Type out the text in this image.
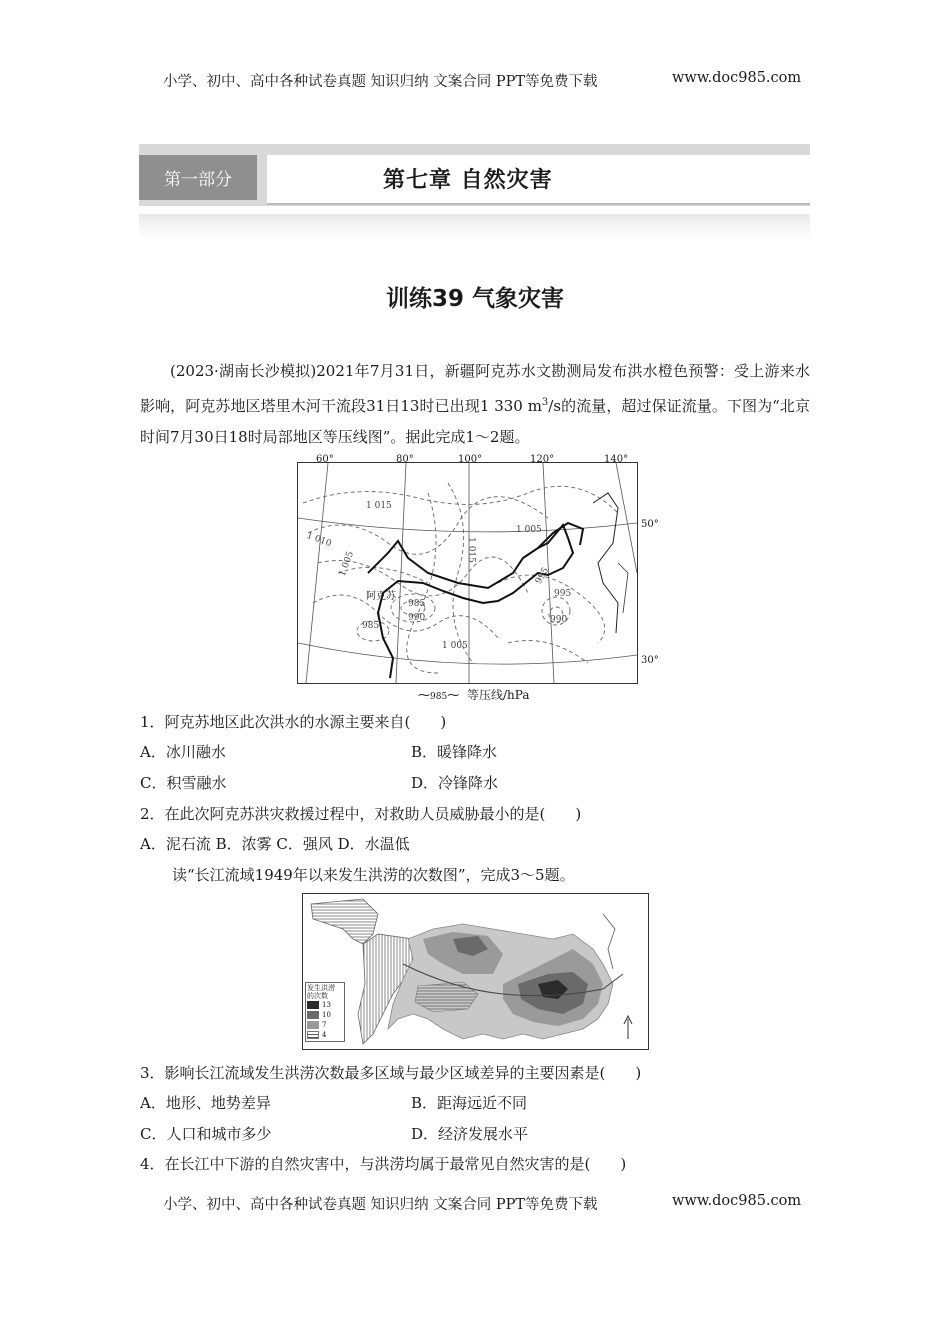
小学、初中、高中各种试卷真题 知识归纳 文案合同 PPT等免费下载	www.doc985.com
第一部分	第七章 自然灾害
训练39 气象灾害
(2023·湖南长沙模拟)2021年7月31日，新疆阿克苏水文勘测局发布洪水橙色预警：受上游来水影响，阿克苏地区塔里木河干流段31日13时已出现1 330 $m^3/s$的流量，超过保证流量。下图为“北京时间7月30日18时局部地区等压线图”。据此完成1～2题。
60°	80°	100°	120°	140°
50°
30°
1 015
1 010	1 015
1 005
995
985
990
985
1 005
995
990
1 005
阿克苏
⁓985⁓ 等压线/hPa
1．阿克苏地区此次洪水的水源主要来自(　　)
A．冰川融水	B．暖锋降水
C．积雪融水	D．冷锋降水
2．在此次阿克苏洪灾救援过程中，对救助人员威胁最小的是(　　)
A．泥石流 B．浓雾 C．强风 D．水温低
读“长江流域1949年以来发生洪涝的次数图”，完成3～5题。
发生洪涝
的次数
13
10
7
4
3．影响长江流域发生洪涝次数最多区域与最少区域差异的主要因素是(　　)
A．地形、地势差异	B．距海远近不同
C．人口和城市多少	D．经济发展水平
4．在长江中下游的自然灾害中，与洪涝均属于最常见自然灾害的是(　　)
小学、初中、高中各种试卷真题 知识归纳 文案合同 PPT等免费下载	www.doc985.com
